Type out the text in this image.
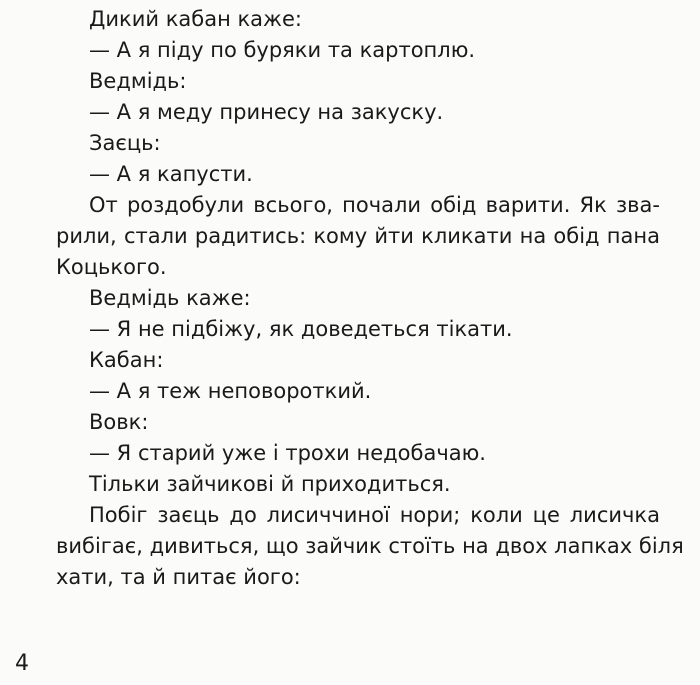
Дикий кабан каже:
— А я піду по буряки та картоплю.
Ведмідь:
— А я меду принесу на закуску.
Заєць:
— А я капусти.
От роздобули всього, почали обід варити. Як зва-
рили, стали радитись: кому йти кликати на обід пана
Коцького.
Ведмідь каже:
— Я не підбіжу, як доведеться тікати.
Кабан:
— А я теж неповороткий.
Вовк:
— Я старий уже і трохи недобачаю.
Тільки зайчикові й приходиться.
Побіг заєць до лисиччиної нори; коли це лисичка
вибігає, дивиться, що зайчик стоїть на двох лапках біля
хати, та й питає його:
4
